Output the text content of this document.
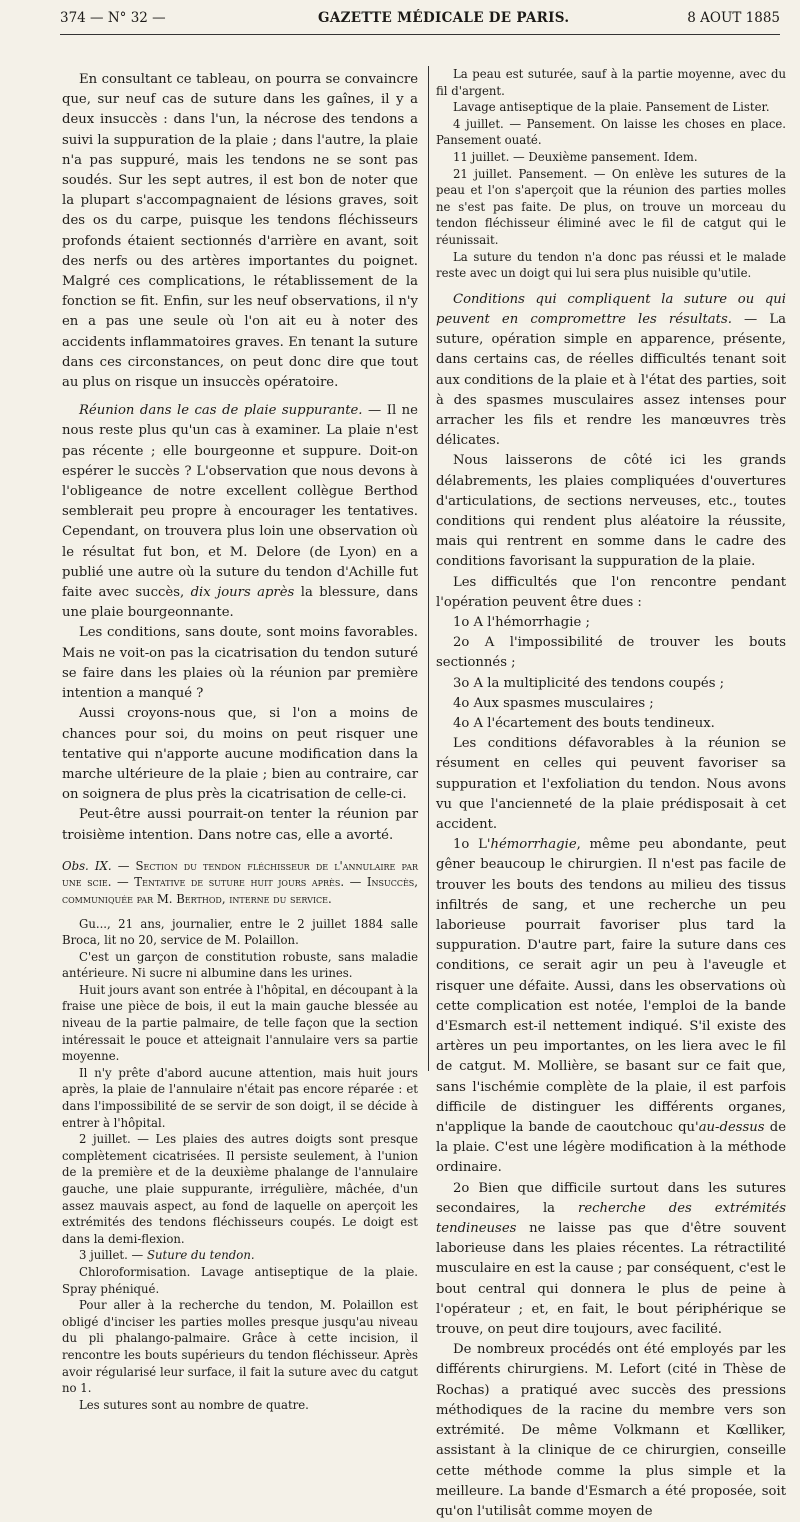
374 — N° 32 —	GAZETTE MÉDICALE DE PARIS.	8 AOUT 1885

En consultant ce tableau, on pourra se convaincre que, sur neuf cas de suture dans les gaînes, il y a deux insuccès : dans l'un, la nécrose des tendons a suivi la suppuration de la plaie ; dans l'autre, la plaie n'a pas suppuré, mais les tendons ne se sont pas soudés. Sur les sept autres, il est bon de noter que la plupart s'accompagnaient de lésions graves, soit des os du carpe, puisque les tendons fléchisseurs profonds étaient sectionnés d'arrière en avant, soit des nerfs ou des artères importantes du poignet. Malgré ces complications, le rétablissement de la fonction se fit. Enfin, sur les neuf observations, il n'y en a pas une seule où l'on ait eu à noter des accidents inflammatoires graves. En tenant la suture dans ces circonstances, on peut donc dire que tout au plus on risque un insuccès opératoire.

Réunion dans le cas de plaie suppurante. — Il ne nous reste plus qu'un cas à examiner. La plaie n'est pas récente ; elle bourgeonne et suppure. Doit-on espérer le succès ? L'observation que nous devons à l'obligeance de notre excellent collègue Berthod semblerait peu propre à encourager les tentatives. Cependant, on trouvera plus loin une observation où le résultat fut bon, et M. Delore (de Lyon) en a publié une autre où la suture du tendon d'Achille fut faite avec succès, dix jours après la blessure, dans une plaie bourgeonnante.

Les conditions, sans doute, sont moins favorables. Mais ne voit-on pas la cicatrisation du tendon suturé se faire dans les plaies où la réunion par première intention a manqué ?

Aussi croyons-nous que, si l'on a moins de chances pour soi, du moins on peut risquer une tentative qui n'apporte aucune modification dans la marche ultérieure de la plaie ; bien au contraire, car on soignera de plus près la cicatrisation de celle-ci.

Peut-être aussi pourrait-on tenter la réunion par troisième intention. Dans notre cas, elle a avorté.

Obs. IX. — Section du tendon fléchisseur de l'annulaire par une scie. — Tentative de suture huit jours après. — Insuccès, communiquée par M. Berthod, interne du service.

Gu..., 21 ans, journalier, entre le 2 juillet 1884 salle Broca, lit no 20, service de M. Polaillon.

C'est un garçon de constitution robuste, sans maladie antérieure. Ni sucre ni albumine dans les urines.

Huit jours avant son entrée à l'hôpital, en découpant à la fraise une pièce de bois, il eut la main gauche blessée au niveau de la partie palmaire, de telle façon que la section intéressait le pouce et atteignait l'annulaire vers sa partie moyenne.

Il n'y prête d'abord aucune attention, mais huit jours après, la plaie de l'annulaire n'était pas encore réparée : et dans l'impossibilité de se servir de son doigt, il se décide à entrer à l'hôpital.

2 juillet. — Les plaies des autres doigts sont presque complètement cicatrisées. Il persiste seulement, à l'union de la première et de la deuxième phalange de l'annulaire gauche, une plaie suppurante, irrégulière, mâchée, d'un assez mauvais aspect, au fond de laquelle on aperçoit les extrémités des tendons fléchisseurs coupés. Le doigt est dans la demi-flexion.

3 juillet. — Suture du tendon.

Chloroformisation. Lavage antiseptique de la plaie. Spray phéniqué.

Pour aller à la recherche du tendon, M. Polaillon est obligé d'inciser les parties molles presque jusqu'au niveau du pli phalango-palmaire. Grâce à cette incision, il rencontre les bouts supérieurs du tendon fléchisseur. Après avoir régularisé leur surface, il fait la suture avec du catgut no 1.

Les sutures sont au nombre de quatre.

La peau est suturée, sauf à la partie moyenne, avec du fil d'argent.

Lavage antiseptique de la plaie. Pansement de Lister.

4 juillet. — Pansement. On laisse les choses en place. Pansement ouaté.

11 juillet. — Deuxième pansement. Idem.

21 juillet. Pansement. — On enlève les sutures de la peau et l'on s'aperçoit que la réunion des parties molles ne s'est pas faite. De plus, on trouve un morceau du tendon fléchisseur éliminé avec le fil de catgut qui le réunissait.

La suture du tendon n'a donc pas réussi et le malade reste avec un doigt qui lui sera plus nuisible qu'utile.

Conditions qui compliquent la suture ou qui peuvent en compromettre les résultats. — La suture, opération simple en apparence, présente, dans certains cas, de réelles difficultés tenant soit aux conditions de la plaie et à l'état des parties, soit à des spasmes musculaires assez intenses pour arracher les fils et rendre les manœuvres très délicates.

Nous laisserons de côté ici les grands délabrements, les plaies compliquées d'ouvertures d'articulations, de sections nerveuses, etc., toutes conditions qui rendent plus aléatoire la réussite, mais qui rentrent en somme dans le cadre des conditions favorisant la suppuration de la plaie.

Les difficultés que l'on rencontre pendant l'opération peuvent être dues :

1o A l'hémorrhagie ;

2o A l'impossibilité de trouver les bouts sectionnés ;

3o A la multiplicité des tendons coupés ;

4o Aux spasmes musculaires ;

4o A l'écartement des bouts tendineux.

Les conditions défavorables à la réunion se résument en celles qui peuvent favoriser sa suppuration et l'exfoliation du tendon. Nous avons vu que l'ancienneté de la plaie prédisposait à cet accident.

1o L'hémorrhagie, même peu abondante, peut gêner beaucoup le chirurgien. Il n'est pas facile de trouver les bouts des tendons au milieu des tissus infiltrés de sang, et une recherche un peu laborieuse pourrait favoriser plus tard la suppuration. D'autre part, faire la suture dans ces conditions, ce serait agir un peu à l'aveugle et risquer une défaite. Aussi, dans les observations où cette complication est notée, l'emploi de la bande d'Esmarch est-il nettement indiqué. S'il existe des artères un peu importantes, on les liera avec le fil de catgut. M. Mollière, se basant sur ce fait que, sans l'ischémie complète de la plaie, il est parfois difficile de distinguer les différents organes, n'applique la bande de caoutchouc qu'au-dessus de la plaie. C'est une légère modification à la méthode ordinaire.

2o Bien que difficile surtout dans les sutures secondaires, la recherche des extrémités tendineuses ne laisse pas que d'être souvent laborieuse dans les plaies récentes. La rétractilité musculaire en est la cause ; par conséquent, c'est le bout central qui donnera le plus de peine à l'opérateur ; et, en fait, le bout périphérique se trouve, on peut dire toujours, avec facilité.

De nombreux procédés ont été employés par les différents chirurgiens. M. Lefort (cité in Thèse de Rochas) a pratiqué avec succès des pressions méthodiques de la racine du membre vers son extrémité. De même Volkmann et Kœlliker, assistant à la clinique de ce chirurgien, conseille cette méthode comme la plus simple et la meilleure. La bande d'Esmarch a été proposée, soit qu'on l'utilisât comme moyen de
